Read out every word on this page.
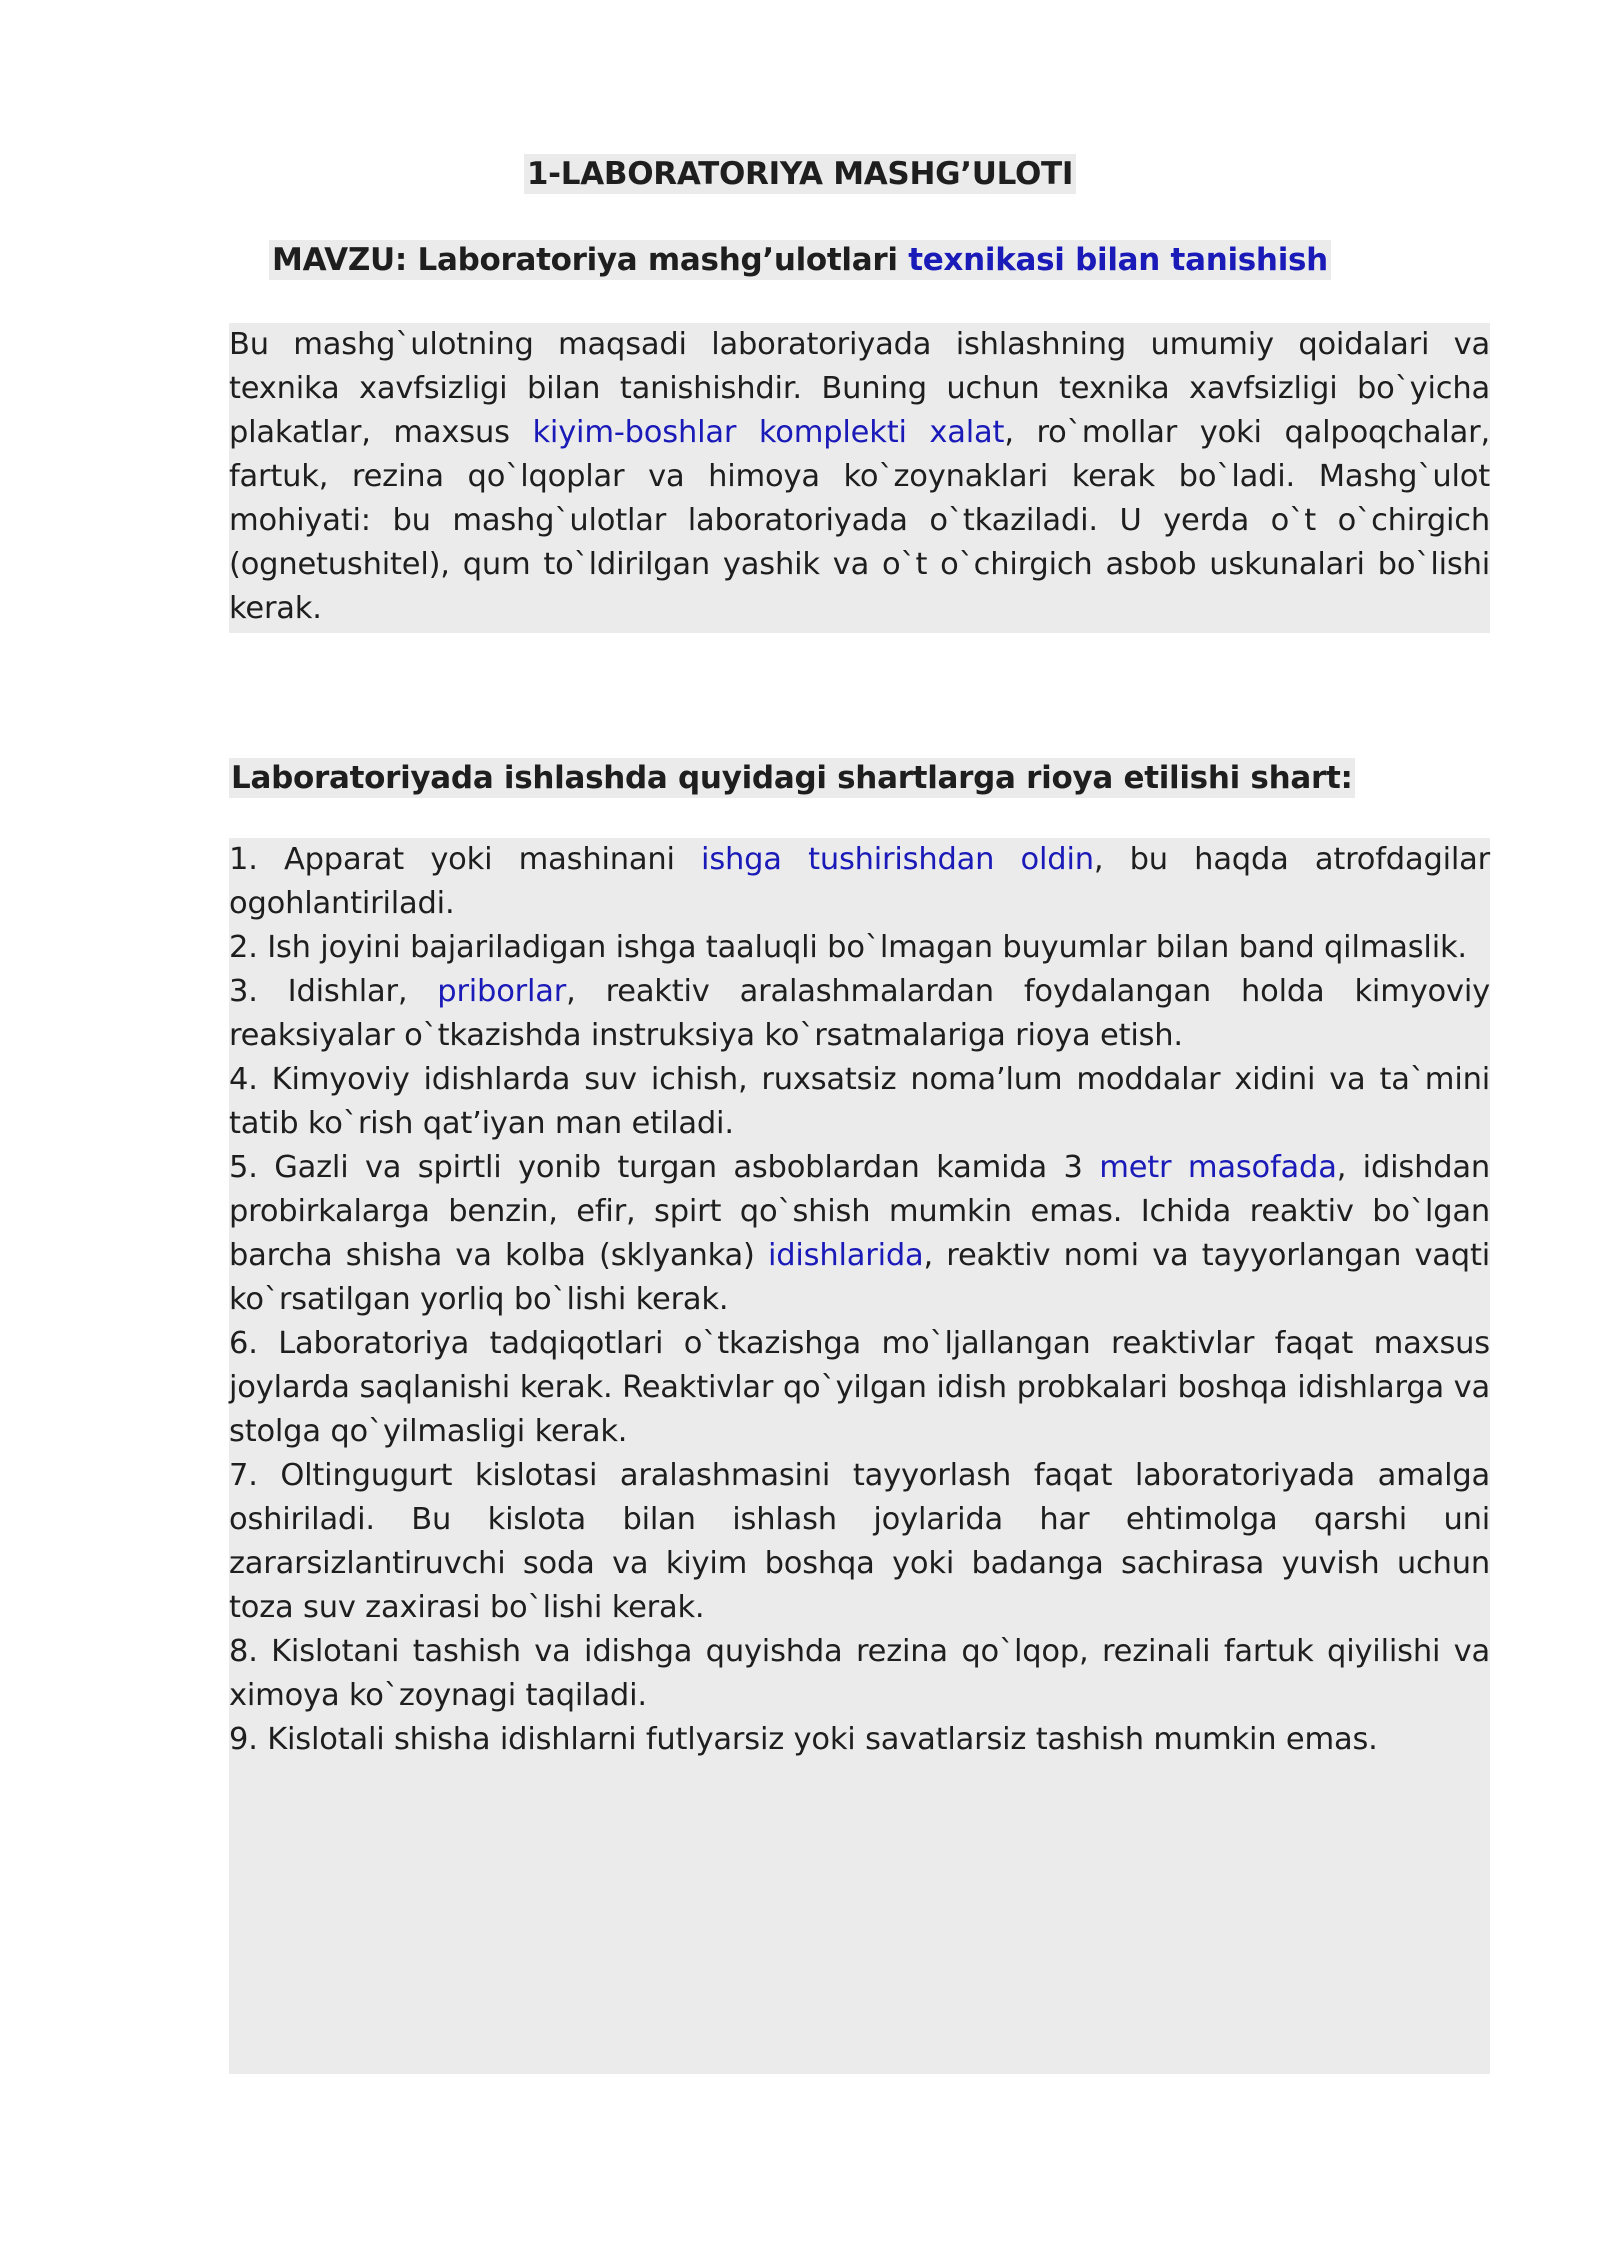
1-LABORATORIYA MASHG’ULOTI
MAVZU: Laboratoriya mashg’ulotlari texnikasi bilan tanishish

Bu mashg`ulotning maqsadi laboratoriyada ishlashning umumiy qoidalari va texnika xavfsizligi bilan tanishishdir. Buning uchun texnika xavfsizligi bo`yicha plakatlar, maxsus kiyim-boshlar komplekti xalat, ro`mollar yoki qalpoqchalar, fartuk, rezina qo`lqoplar va himoya ko`zoynaklari kerak bo`ladi. Mashg`ulot mohiyati: bu mashg`ulotlar laboratoriyada o`tkaziladi. U yerda o`t o`chirgich (ognetushitel), qum to`ldirilgan yashik va o`t o`chirgich asbob uskunalari bo`lishi kerak.

Laboratoriyada ishlashda quyidagi shartlarga rioya etilishi shart:

1. Apparat yoki mashinani ishga tushirishdan oldin, bu haqda atrofdagilar ogohlantiriladi.

2. Ish joyini bajariladigan ishga taaluqli bo`lmagan buyumlar bilan band qilmaslik.

3. Idishlar, priborlar, reaktiv aralashmalardan foydalangan holda kimyoviy reaksiyalar o`tkazishda instruksiya ko`rsatmalariga rioya etish.

4. Kimyoviy idishlarda suv ichish, ruxsatsiz noma’lum moddalar xidini va ta`mini tatib ko`rish qat’iyan man etiladi.

5. Gazli va spirtli yonib turgan asboblardan kamida 3 metr masofada, idishdan probirkalarga benzin, efir, spirt qo`shish mumkin emas. Ichida reaktiv bo`lgan barcha shisha va kolba (sklyanka) idishlarida, reaktiv nomi va tayyorlangan vaqti ko`rsatilgan yorliq bo`lishi kerak.

6. Laboratoriya tadqiqotlari o`tkazishga mo`ljallangan reaktivlar faqat maxsus joylarda saqlanishi kerak. Reaktivlar qo`yilgan idish probkalari boshqa idishlarga va stolga qo`yilmasligi kerak.

7. Oltingugurt kislotasi aralashmasini tayyorlash faqat laboratoriyada amalga oshiriladi. Bu kislota bilan ishlash joylarida har ehtimolga qarshi uni zararsizlantiruvchi soda va kiyim boshqa yoki badanga sachirasa yuvish uchun toza suv zaxirasi bo`lishi kerak.

8. Kislotani tashish va idishga quyishda rezina qo`lqop, rezinali fartuk qiyilishi va ximoya ko`zoynagi taqiladi.

9. Kislotali shisha idishlarni futlyarsiz yoki savatlarsiz tashish mumkin emas.
